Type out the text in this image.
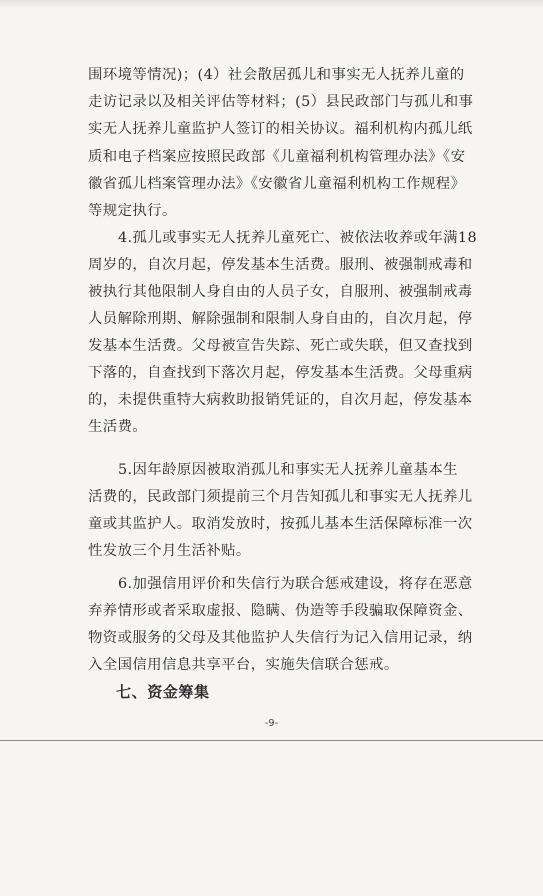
围环境等情况)；(4）社会散居孤儿和事实无人抚养儿童的
走访记录以及相关评估等材料；(5）县民政部门与孤儿和事
实无人抚养儿童监护人签订的相关协议。福利机构内孤儿纸
质和电子档案应按照民政部《儿童福利机构管理办法》《安
徽省孤儿档案管理办法》《安徽省儿童福利机构工作规程》
等规定执行。
4.孤儿或事实无人抚养儿童死亡、被依法收养或年满18
周岁的，自次月起，停发基本生活费。服刑、被强制戒毒和
被执行其他限制人身自由的人员子女，自服刑、被强制戒毒
人员解除刑期、解除强制和限制人身自由的，自次月起，停
发基本生活费。父母被宣告失踪、死亡或失联，但又查找到
下落的，自查找到下落次月起，停发基本生活费。父母重病
的，未提供重特大病救助报销凭证的，自次月起，停发基本
生活费。
5.因年龄原因被取消孤儿和事实无人抚养儿童基本生
活费的，民政部门须提前三个月告知孤儿和事实无人抚养儿
童或其监护人。取消发放时，按孤儿基本生活保障标准一次
性发放三个月生活补贴。
6.加强信用评价和失信行为联合惩戒建设，将存在恶意
弃养情形或者采取虚报、隐瞒、伪造等手段骗取保障资金、
物资或服务的父母及其他监护人失信行为记入信用记录，纳
入全国信用信息共享平台，实施失信联合惩戒。
七、资金筹集
-9-
